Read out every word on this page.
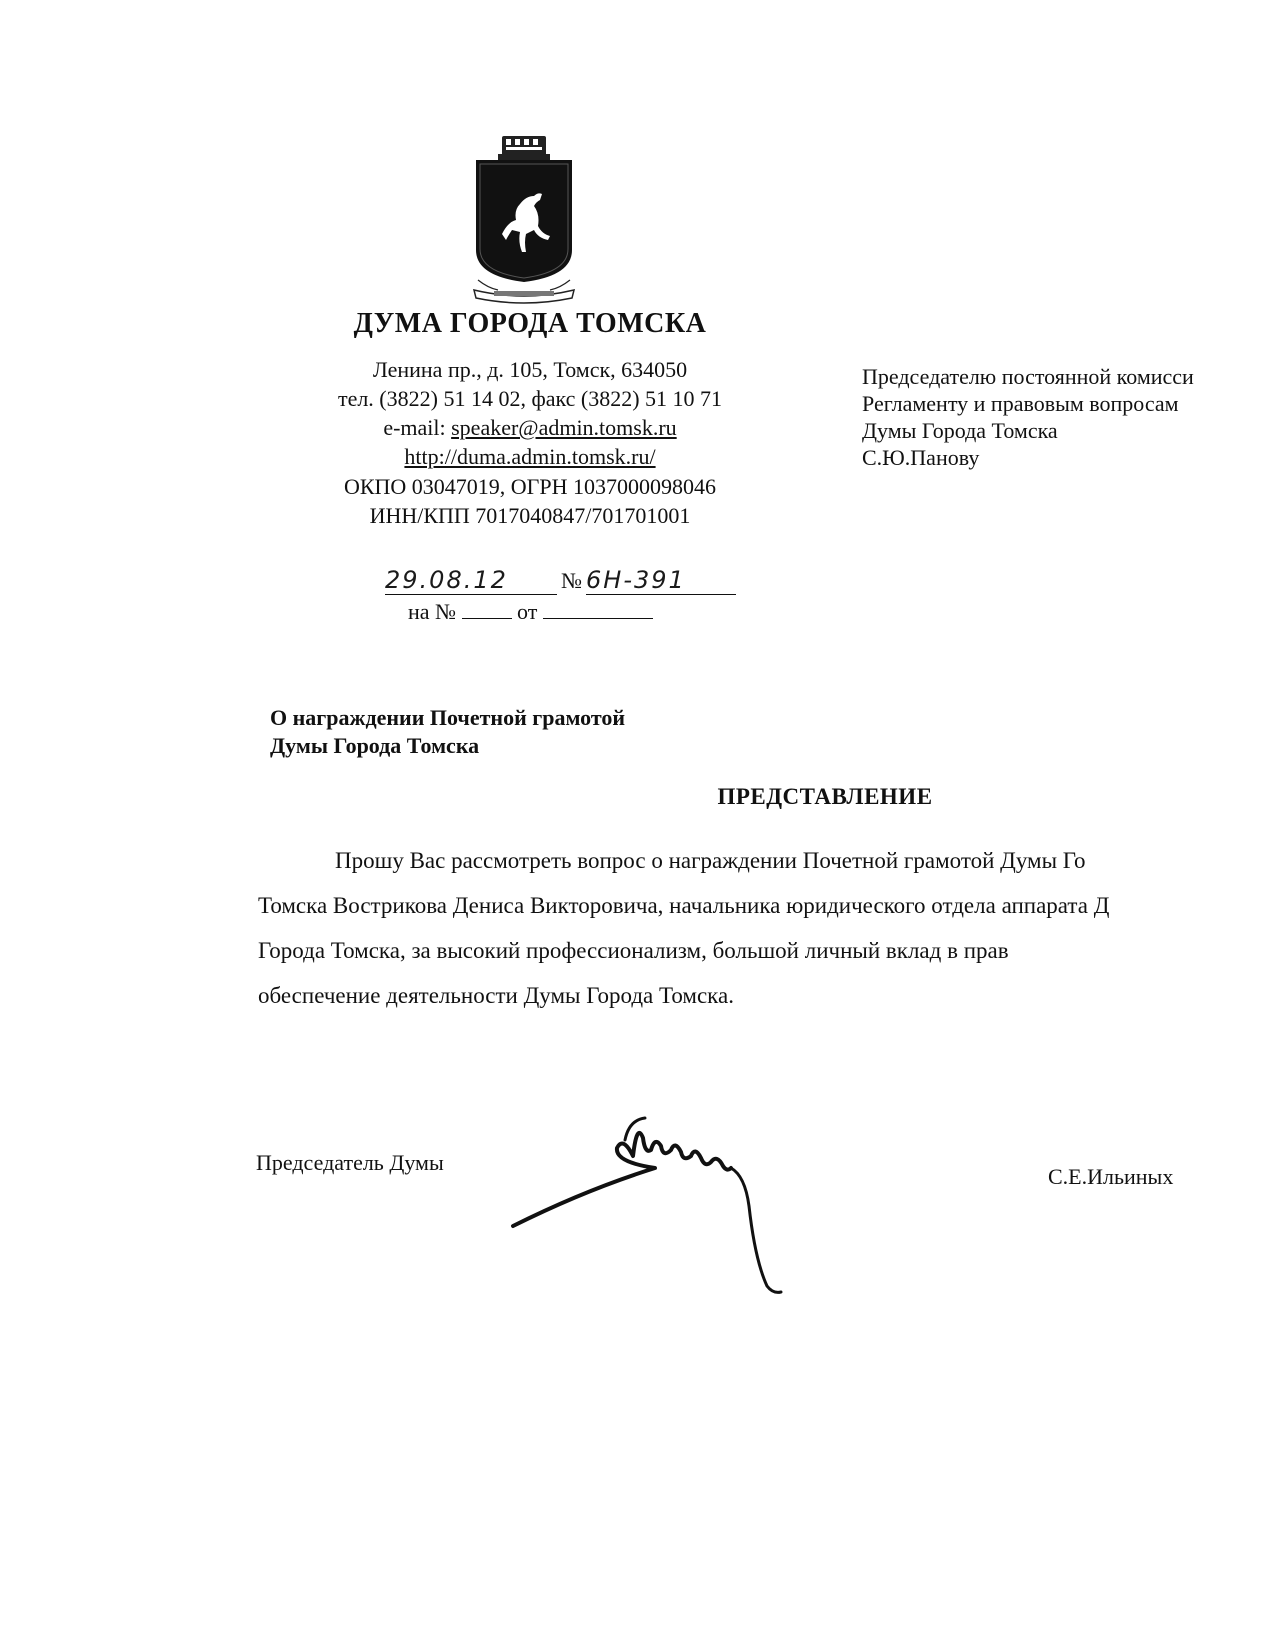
ДУМА ГОРОДА ТОМСКА
Ленина пр., д. 105, Томск, 634050
тел. (3822) 51 14 02, факс (3822) 51 10 71
e-mail: speaker@admin.tomsk.ru
http://duma.admin.tomsk.ru/
ОКПО 03047019, ОГРН 1037000098046
ИНН/КПП 7017040847/701701001
29.08.12 № 6Н-391
на №	от
Председателю постоянной комисси
Регламенту и правовым вопросам
Думы Города Томска
С.Ю.Панову
О награждении Почетной грамотой
Думы Города Томска
ПРЕДСТАВЛЕНИЕ
Прошу Вас рассмотреть вопрос о награждении Почетной грамотой Думы Го
Томска Вострикова Дениса Викторовича, начальника юридического отдела аппарата Д
Города Томска, за высокий профессионализм, большой личный вклад в прав
обеспечение деятельности Думы Города Томска.
Председатель Думы
С.Е.Ильиных
